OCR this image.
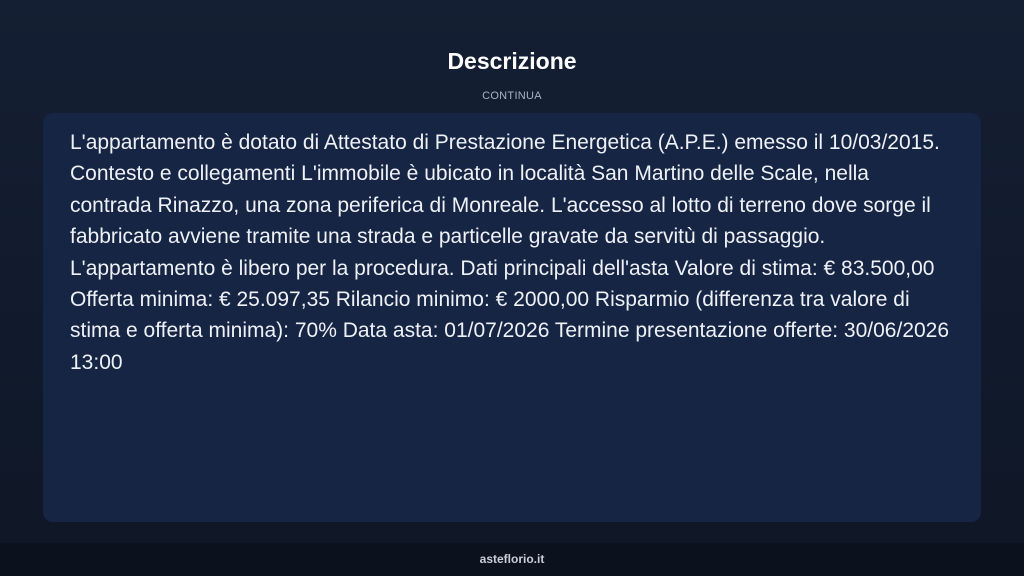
Descrizione
CONTINUA

L'appartamento è dotato di Attestato di Prestazione Energetica (A.P.E.) emesso il 10/03/2015. Contesto e collegamenti L'immobile è ubicato in località San Martino delle Scale, nella contrada Rinazzo, una zona periferica di Monreale. L'accesso al lotto di terreno dove sorge il fabbricato avviene tramite una strada e particelle gravate da servitù di passaggio. L'appartamento è libero per la procedura. Dati principali dell'asta Valore di stima: € 83.500,00 Offerta minima: € 25.097,35 Rilancio minimo: € 2000,00 Risparmio (differenza tra valore di stima e offerta minima): 70% Data asta: 01/07/2026 Termine presentazione offerte: 30/06/2026 13:00

asteflorio.it
